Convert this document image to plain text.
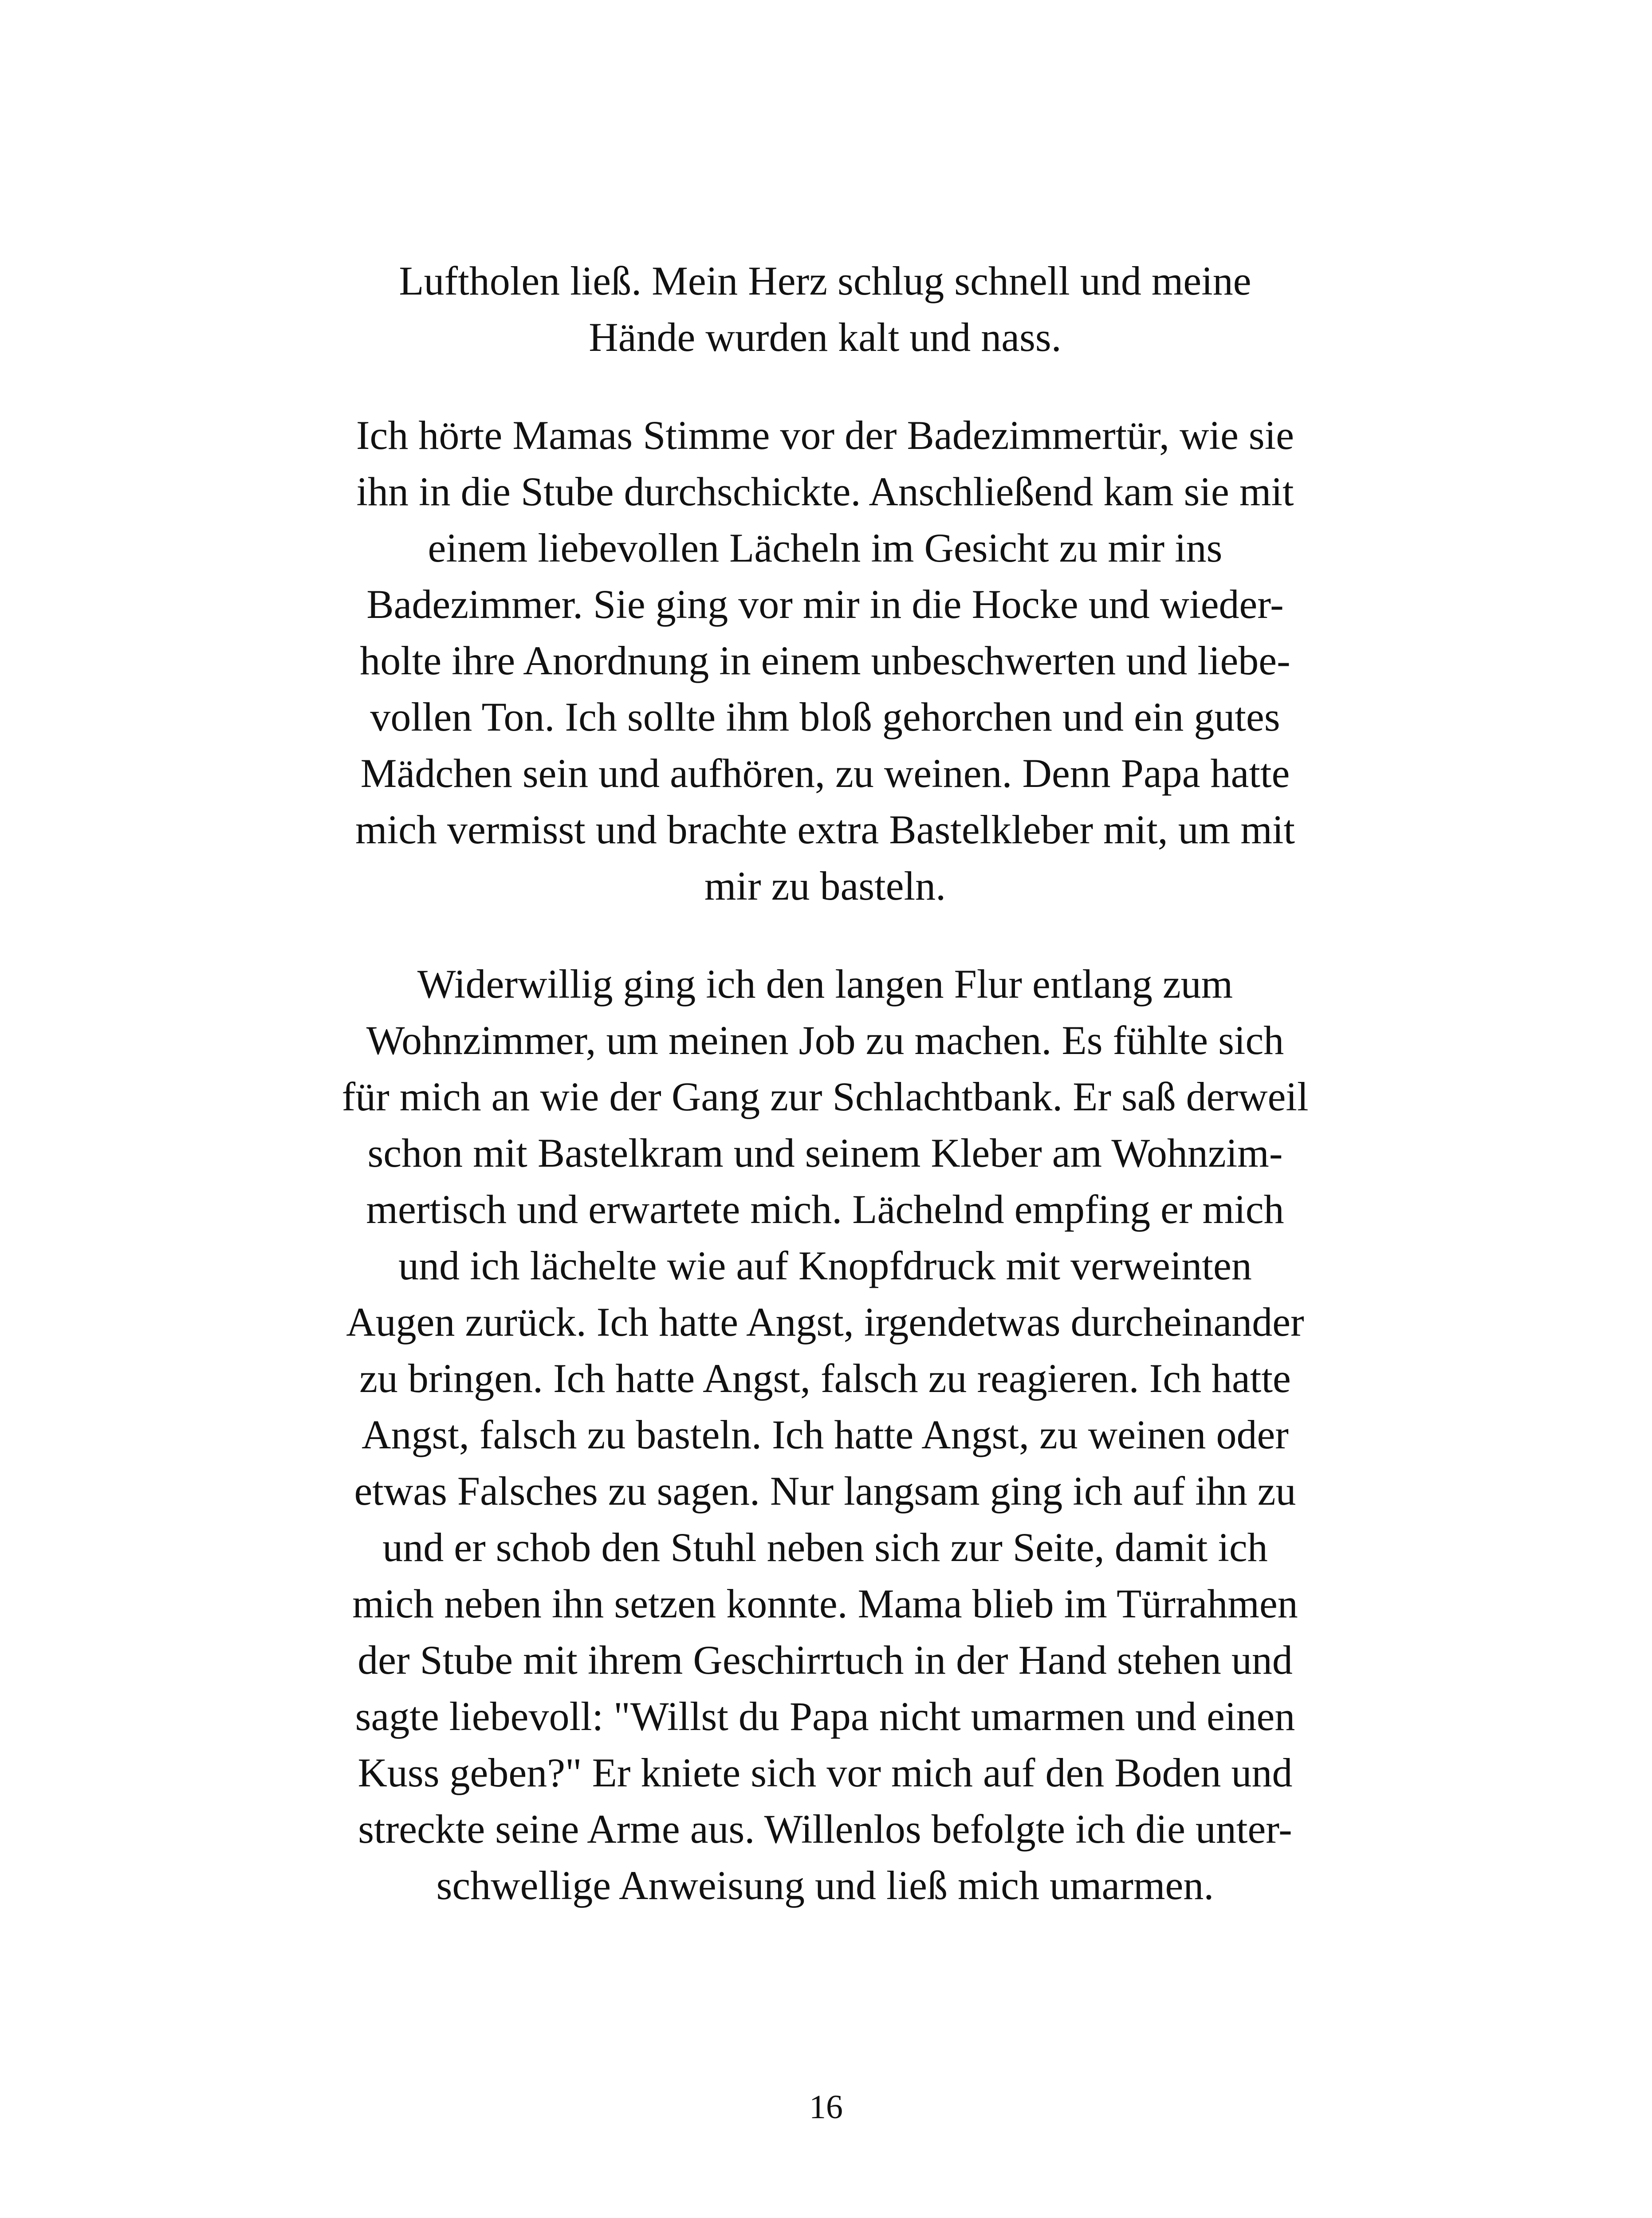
Luftholen ließ. Mein Herz schlug schnell und meine
Hände wurden kalt und nass.

Ich hörte Mamas Stimme vor der Badezimmertür, wie sie
ihn in die Stube durchschickte. Anschließend kam sie mit
einem liebevollen Lächeln im Gesicht zu mir ins
Badezimmer. Sie ging vor mir in die Hocke und wieder-
holte ihre Anordnung in einem unbeschwerten und liebe-
vollen Ton. Ich sollte ihm bloß gehorchen und ein gutes
Mädchen sein und aufhören, zu weinen. Denn Papa hatte
mich vermisst und brachte extra Bastelkleber mit, um mit
mir zu basteln.

Widerwillig ging ich den langen Flur entlang zum
Wohnzimmer, um meinen Job zu machen. Es fühlte sich
für mich an wie der Gang zur Schlachtbank. Er saß derweil
schon mit Bastelkram und seinem Kleber am Wohnzim-
mertisch und erwartete mich. Lächelnd empfing er mich
und ich lächelte wie auf Knopfdruck mit verweinten
Augen zurück. Ich hatte Angst, irgendetwas durcheinander
zu bringen. Ich hatte Angst, falsch zu reagieren. Ich hatte
Angst, falsch zu basteln. Ich hatte Angst, zu weinen oder
etwas Falsches zu sagen. Nur langsam ging ich auf ihn zu
und er schob den Stuhl neben sich zur Seite, damit ich
mich neben ihn setzen konnte. Mama blieb im Türrahmen
der Stube mit ihrem Geschirrtuch in der Hand stehen und
sagte liebevoll: "Willst du Papa nicht umarmen und einen
Kuss geben?" Er kniete sich vor mich auf den Boden und
streckte seine Arme aus. Willenlos befolgte ich die unter-
schwellige Anweisung und ließ mich umarmen.

16
